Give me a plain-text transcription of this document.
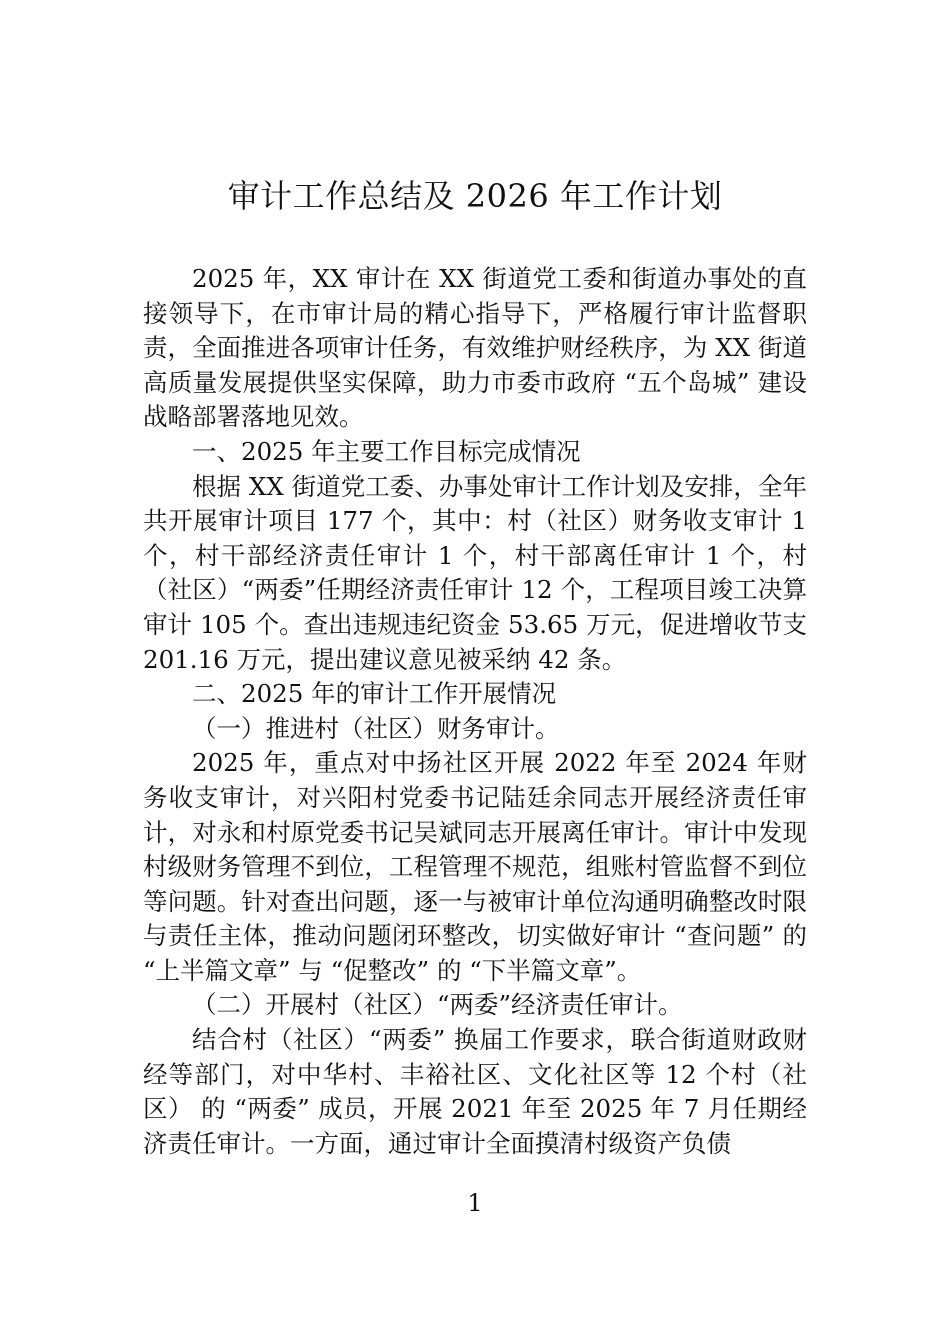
审计工作总结及 2026 年工作计划

2025 年，XX 审计在 XX 街道党工委和街道办事处的直接领导下，在市审计局的精心指导下，严格履行审计监督职责，全面推进各项审计任务，有效维护财经秩序，为 XX 街道高质量发展提供坚实保障，助力市委市政府 “五个岛城” 建设战略部署落地见效。

一、2025 年主要工作目标完成情况

根据 XX 街道党工委、办事处审计工作计划及安排，全年共开展审计项目 177 个，其中：村（社区）财务收支审计 1 个，村干部经济责任审计 1 个，村干部离任审计 1 个，村（社区）“两委”任期经济责任审计 12 个，工程项目竣工决算审计 105 个。查出违规违纪资金 53.65 万元，促进增收节支 201.16 万元，提出建议意见被采纳 42 条。

二、2025 年的审计工作开展情况

（一）推进村（社区）财务审计。

2025 年，重点对中扬社区开展 2022 年至 2024 年财务收支审计，对兴阳村党委书记陆廷余同志开展经济责任审计，对永和村原党委书记吴斌同志开展离任审计。审计中发现村级财务管理不到位，工程管理不规范，组账村管监督不到位等问题。针对查出问题，逐一与被审计单位沟通明确整改时限与责任主体，推动问题闭环整改，切实做好审计 “查问题” 的 “上半篇文章” 与 “促整改” 的 “下半篇文章”。

（二）开展村（社区）“两委”经济责任审计。

结合村（社区）“两委” 换届工作要求，联合街道财政财经等部门，对中华村、丰裕社区、文化社区等 12 个村（社区） 的 “两委” 成员，开展 2021 年至 2025 年 7 月任期经济责任审计。一方面，通过审计全面摸清村级资产负债

1
